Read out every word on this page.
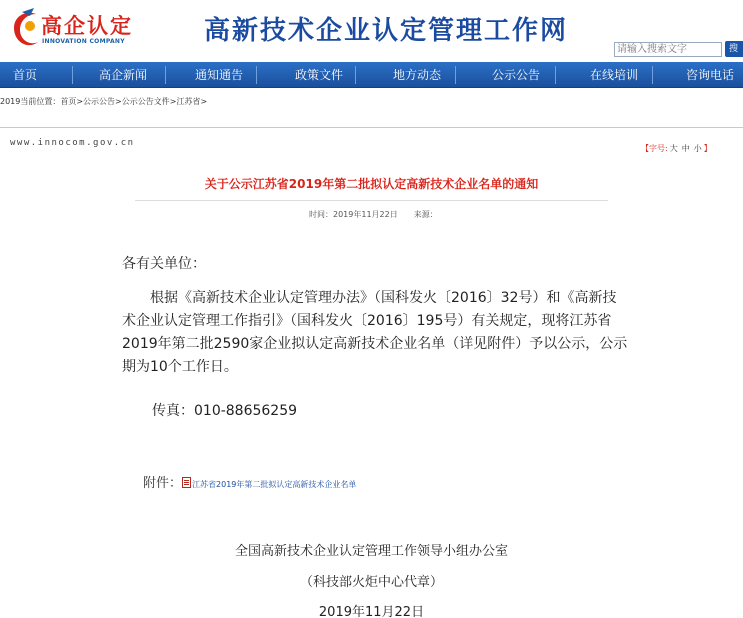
高企认定
INNOVATION COMPANY	高新技术企业认定管理工作网
请输入搜索文字	搜
首页	高企新闻	通知通告	政策文件	地方动态	公示公告	在线培训	咨询电话
2019当前位置：首页>公示公告>公示公告文件>江苏省>
www.innocom.gov.cn
【字号: 大 中 小 】
关于公示江苏省2019年第二批拟认定高新技术企业名单的通知
时间：2019年11月22日 来源：
各有关单位：
根据《高新技术企业认定管理办法》（国科发火〔2016〕32号）和《高新技术企业认定管理工作指引》（国科发火〔2016〕195号）有关规定，现将江苏省2019年第二批2590家企业拟认定高新技术企业名单（详见附件）予以公示，公示期为10个工作日。
传真：010-88656259
附件： 江苏省2019年第二批拟认定高新技术企业名单
全国高新技术企业认定管理工作领导小组办公室
（科技部火炬中心代章）
2019年11月22日
